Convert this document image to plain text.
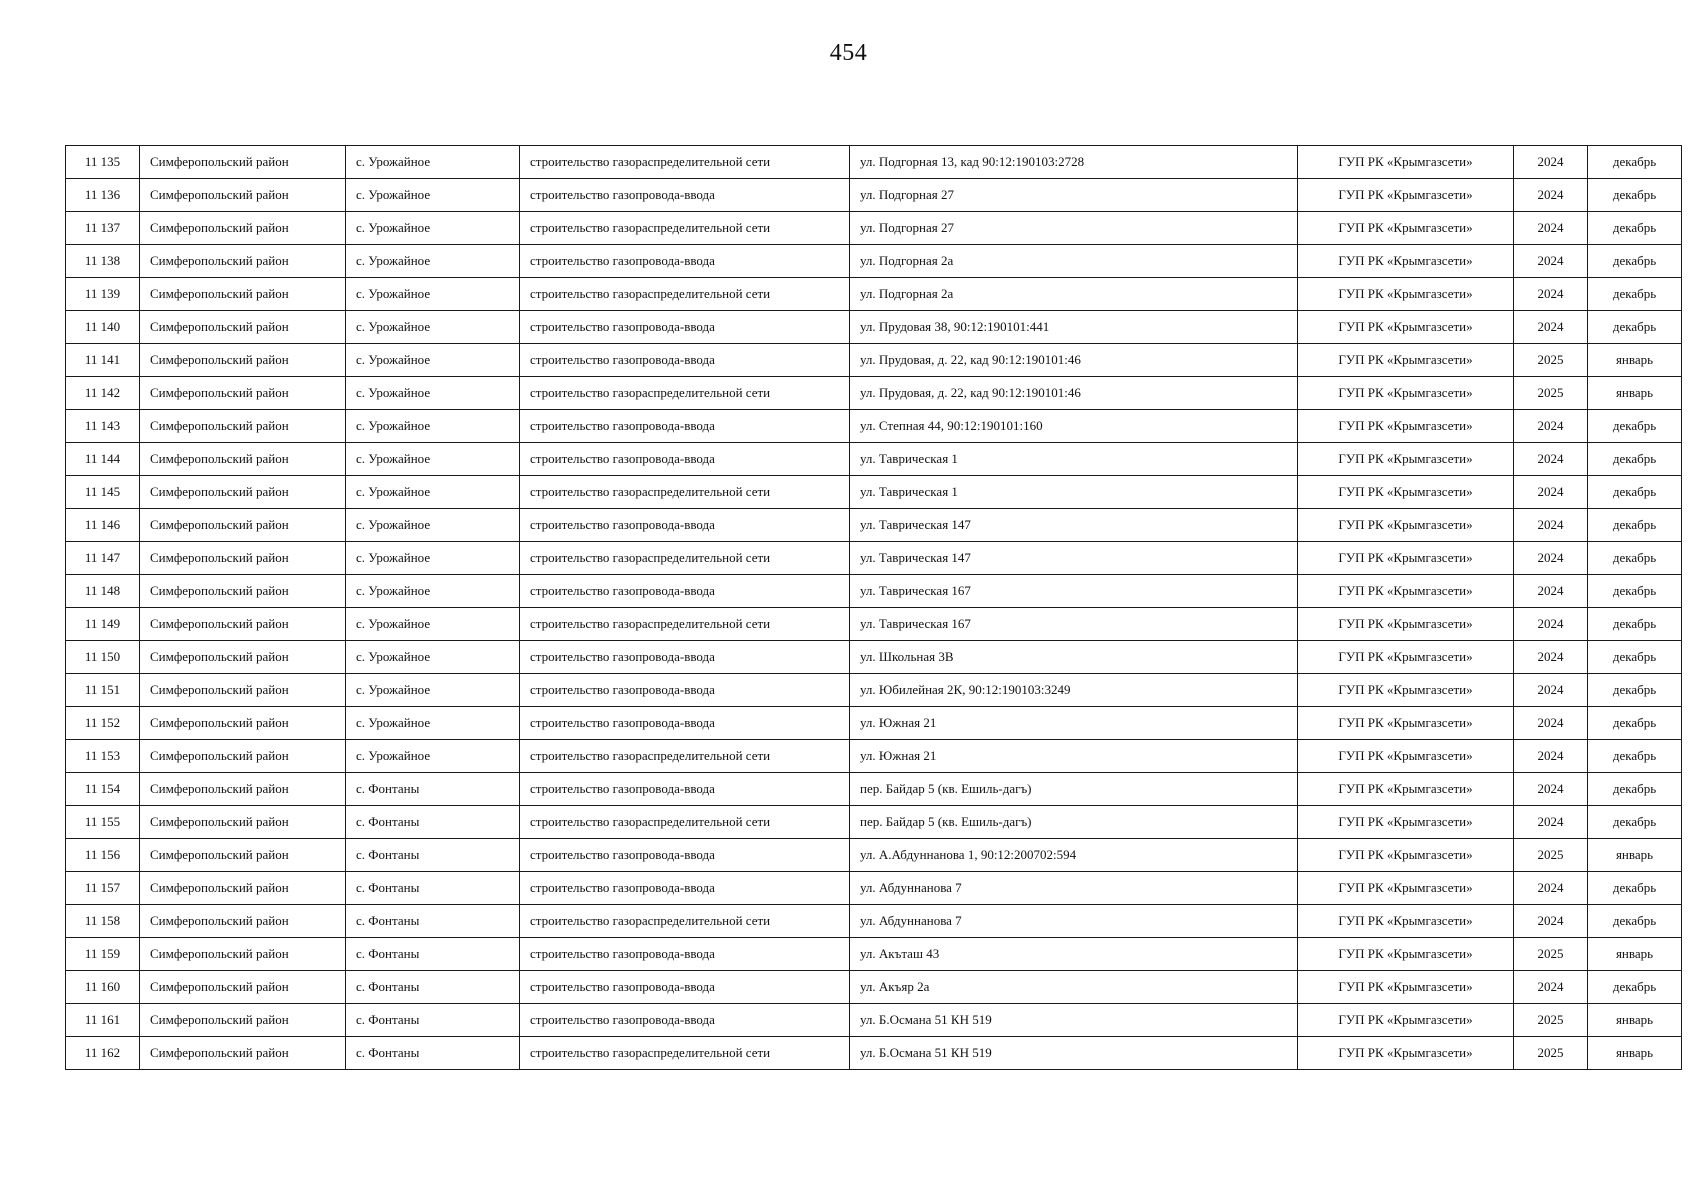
454
11 135	Симферопольский район	с. Урожайное	строительство газораспределительной сети	ул. Подгорная 13, кад 90:12:190103:2728	ГУП РК «Крымгазсети»	2024	декабрь
11 136	Симферопольский район	с. Урожайное	строительство газопровода-ввода	ул. Подгорная 27	ГУП РК «Крымгазсети»	2024	декабрь
11 137	Симферопольский район	с. Урожайное	строительство газораспределительной сети	ул. Подгорная 27	ГУП РК «Крымгазсети»	2024	декабрь
11 138	Симферопольский район	с. Урожайное	строительство газопровода-ввода	ул. Подгорная 2а	ГУП РК «Крымгазсети»	2024	декабрь
11 139	Симферопольский район	с. Урожайное	строительство газораспределительной сети	ул. Подгорная 2а	ГУП РК «Крымгазсети»	2024	декабрь
11 140	Симферопольский район	с. Урожайное	строительство газопровода-ввода	ул. Прудовая 38, 90:12:190101:441	ГУП РК «Крымгазсети»	2024	декабрь
11 141	Симферопольский район	с. Урожайное	строительство газопровода-ввода	ул. Прудовая, д. 22, кад 90:12:190101:46	ГУП РК «Крымгазсети»	2025	январь
11 142	Симферопольский район	с. Урожайное	строительство газораспределительной сети	ул. Прудовая, д. 22, кад 90:12:190101:46	ГУП РК «Крымгазсети»	2025	январь
11 143	Симферопольский район	с. Урожайное	строительство газопровода-ввода	ул. Степная 44, 90:12:190101:160	ГУП РК «Крымгазсети»	2024	декабрь
11 144	Симферопольский район	с. Урожайное	строительство газопровода-ввода	ул. Таврическая 1	ГУП РК «Крымгазсети»	2024	декабрь
11 145	Симферопольский район	с. Урожайное	строительство газораспределительной сети	ул. Таврическая 1	ГУП РК «Крымгазсети»	2024	декабрь
11 146	Симферопольский район	с. Урожайное	строительство газопровода-ввода	ул. Таврическая 147	ГУП РК «Крымгазсети»	2024	декабрь
11 147	Симферопольский район	с. Урожайное	строительство газораспределительной сети	ул. Таврическая 147	ГУП РК «Крымгазсети»	2024	декабрь
11 148	Симферопольский район	с. Урожайное	строительство газопровода-ввода	ул. Таврическая 167	ГУП РК «Крымгазсети»	2024	декабрь
11 149	Симферопольский район	с. Урожайное	строительство газораспределительной сети	ул. Таврическая 167	ГУП РК «Крымгазсети»	2024	декабрь
11 150	Симферопольский район	с. Урожайное	строительство газопровода-ввода	ул. Школьная 3В	ГУП РК «Крымгазсети»	2024	декабрь
11 151	Симферопольский район	с. Урожайное	строительство газопровода-ввода	ул. Юбилейная 2К, 90:12:190103:3249	ГУП РК «Крымгазсети»	2024	декабрь
11 152	Симферопольский район	с. Урожайное	строительство газопровода-ввода	ул. Южная 21	ГУП РК «Крымгазсети»	2024	декабрь
11 153	Симферопольский район	с. Урожайное	строительство газораспределительной сети	ул. Южная 21	ГУП РК «Крымгазсети»	2024	декабрь
11 154	Симферопольский район	с. Фонтаны	строительство газопровода-ввода	пер. Байдар 5 (кв. Ешиль-дагъ)	ГУП РК «Крымгазсети»	2024	декабрь
11 155	Симферопольский район	с. Фонтаны	строительство газораспределительной сети	пер. Байдар 5 (кв. Ешиль-дагъ)	ГУП РК «Крымгазсети»	2024	декабрь
11 156	Симферопольский район	с. Фонтаны	строительство газопровода-ввода	ул. А.Абдуннанова 1, 90:12:200702:594	ГУП РК «Крымгазсети»	2025	январь
11 157	Симферопольский район	с. Фонтаны	строительство газопровода-ввода	ул. Абдуннанова 7	ГУП РК «Крымгазсети»	2024	декабрь
11 158	Симферопольский район	с. Фонтаны	строительство газораспределительной сети	ул. Абдуннанова 7	ГУП РК «Крымгазсети»	2024	декабрь
11 159	Симферопольский район	с. Фонтаны	строительство газопровода-ввода	ул. Акъташ 43	ГУП РК «Крымгазсети»	2025	январь
11 160	Симферопольский район	с. Фонтаны	строительство газопровода-ввода	ул. Акъяр 2а	ГУП РК «Крымгазсети»	2024	декабрь
11 161	Симферопольский район	с. Фонтаны	строительство газопровода-ввода	ул. Б.Османа 51 КН 519	ГУП РК «Крымгазсети»	2025	январь
11 162	Симферопольский район	с. Фонтаны	строительство газораспределительной сети	ул. Б.Османа 51 КН 519	ГУП РК «Крымгазсети»	2025	январь
